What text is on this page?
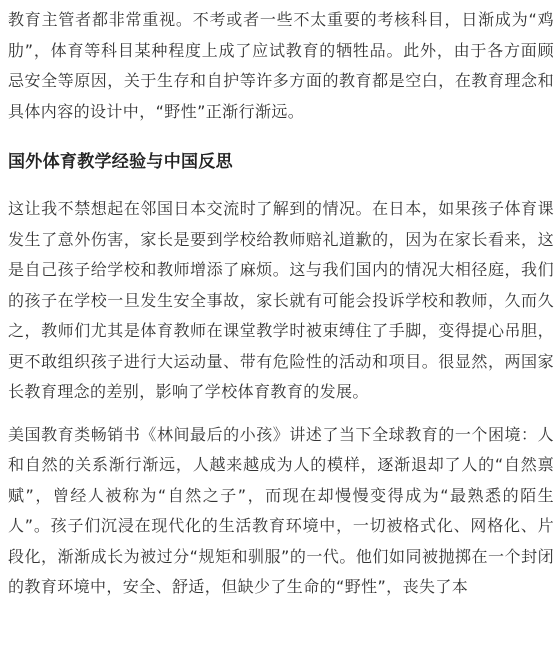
教育主管者都非常重视。不考或者一些不太重要的考核科目，日渐成为“鸡肋”，体育等科目某种程度上成了应试教育的牺牲品。此外，由于各方面顾忌安全等原因，关于生存和自护等许多方面的教育都是空白，在教育理念和具体内容的设计中，“野性”正渐行渐远。

国外体育教学经验与中国反思

这让我不禁想起在邻国日本交流时了解到的情况。在日本，如果孩子体育课发生了意外伤害，家长是要到学校给教师赔礼道歉的，因为在家长看来，这是自己孩子给学校和教师增添了麻烦。这与我们国内的情况大相径庭，我们的孩子在学校一旦发生安全事故，家长就有可能会投诉学校和教师，久而久之，教师们尤其是体育教师在课堂教学时被束缚住了手脚，变得提心吊胆，更不敢组织孩子进行大运动量、带有危险性的活动和项目。很显然，两国家长教育理念的差别，影响了学校体育教育的发展。

美国教育类畅销书《林间最后的小孩》讲述了当下全球教育的一个困境：人和自然的关系渐行渐远，人越来越成为人的模样，逐渐退却了人的“自然禀赋”，曾经人被称为“自然之子”，而现在却慢慢变得成为“最熟悉的陌生人”。孩子们沉浸在现代化的生活教育环境中，一切被格式化、网格化、片段化，渐渐成长为被过分“规矩和驯服”的一代。他们如同被抛掷在一个封闭的教育环境中，安全、舒适，但缺少了生命的“野性”，丧失了本
